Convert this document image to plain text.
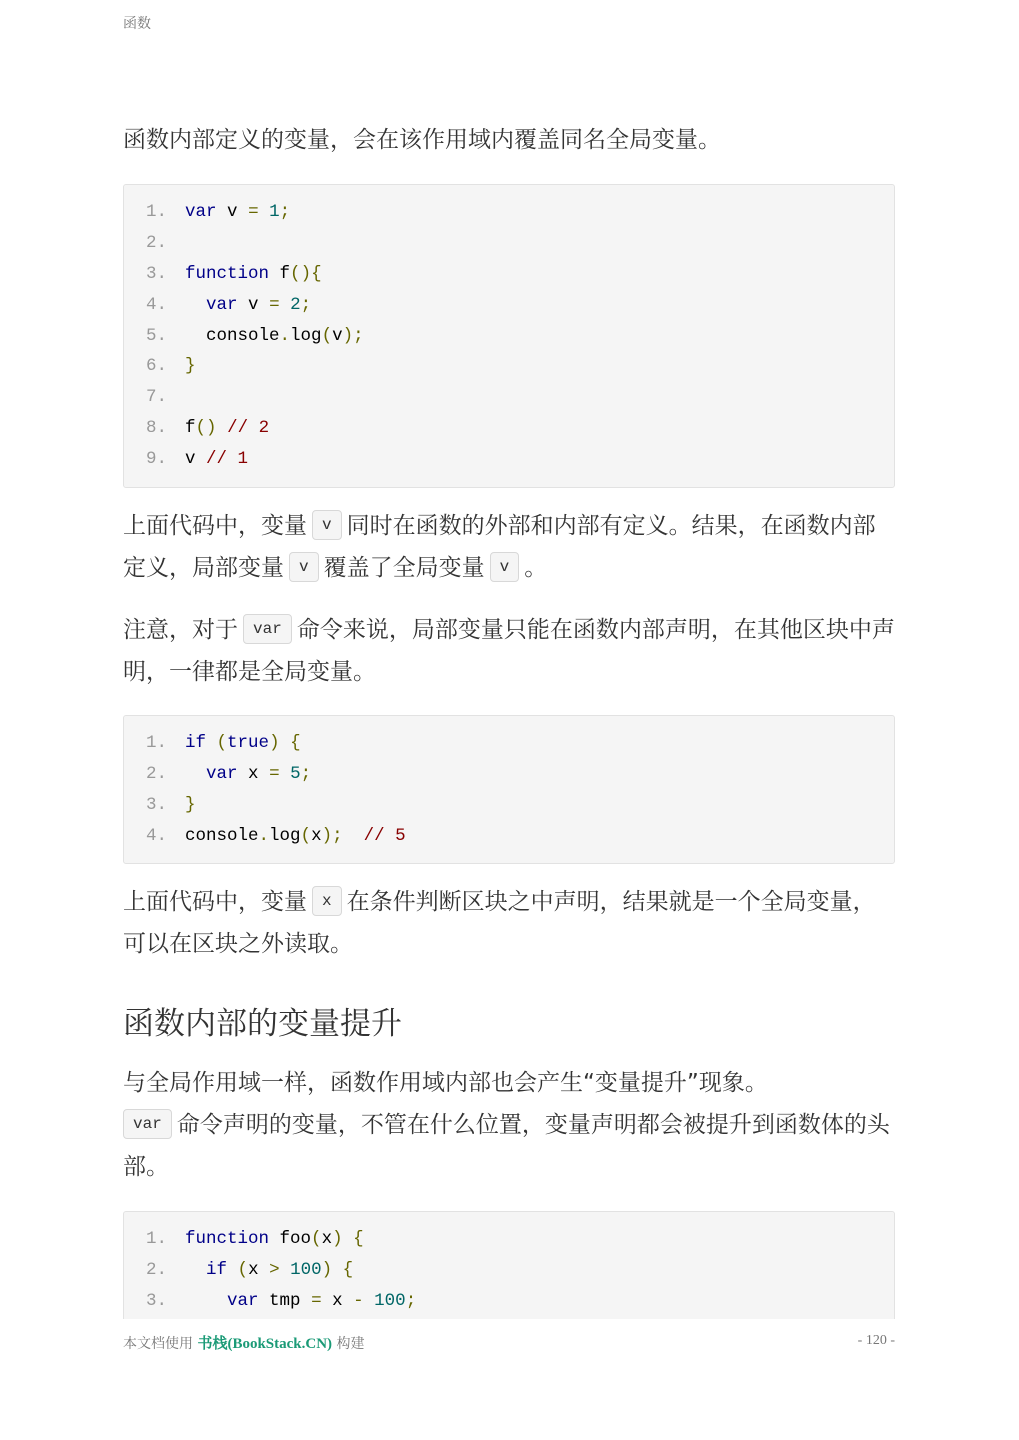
函数

函数内部定义的变量，会在该作用域内覆盖同名全局变量。

1. var v = 1;
2.
3. function f(){
4.	var v = 2;
5.	console.log(v);
6. }
7.
8. f() // 2
9. v // 1

上面代码中，变量 v 同时在函数的外部和内部有定义。结果，在函数内部定义，局部变量 v 覆盖了全局变量 v 。

注意，对于 var 命令来说，局部变量只能在函数内部声明，在其他区块中声明，一律都是全局变量。

1. if (true) {
2.	var x = 5;
3. }
4. console.log(x); // 5

上面代码中，变量 x 在条件判断区块之中声明，结果就是一个全局变量，可以在区块之外读取。

函数内部的变量提升

与全局作用域一样，函数作用域内部也会产生“变量提升”现象。

var 命令声明的变量，不管在什么位置，变量声明都会被提升到函数体的头部。

1. function foo(x) {
2.	if (x > 100) {
3.	var tmp = x - 100;
本文档使用 书栈(BookStack.CN) 构建	- 120 -
